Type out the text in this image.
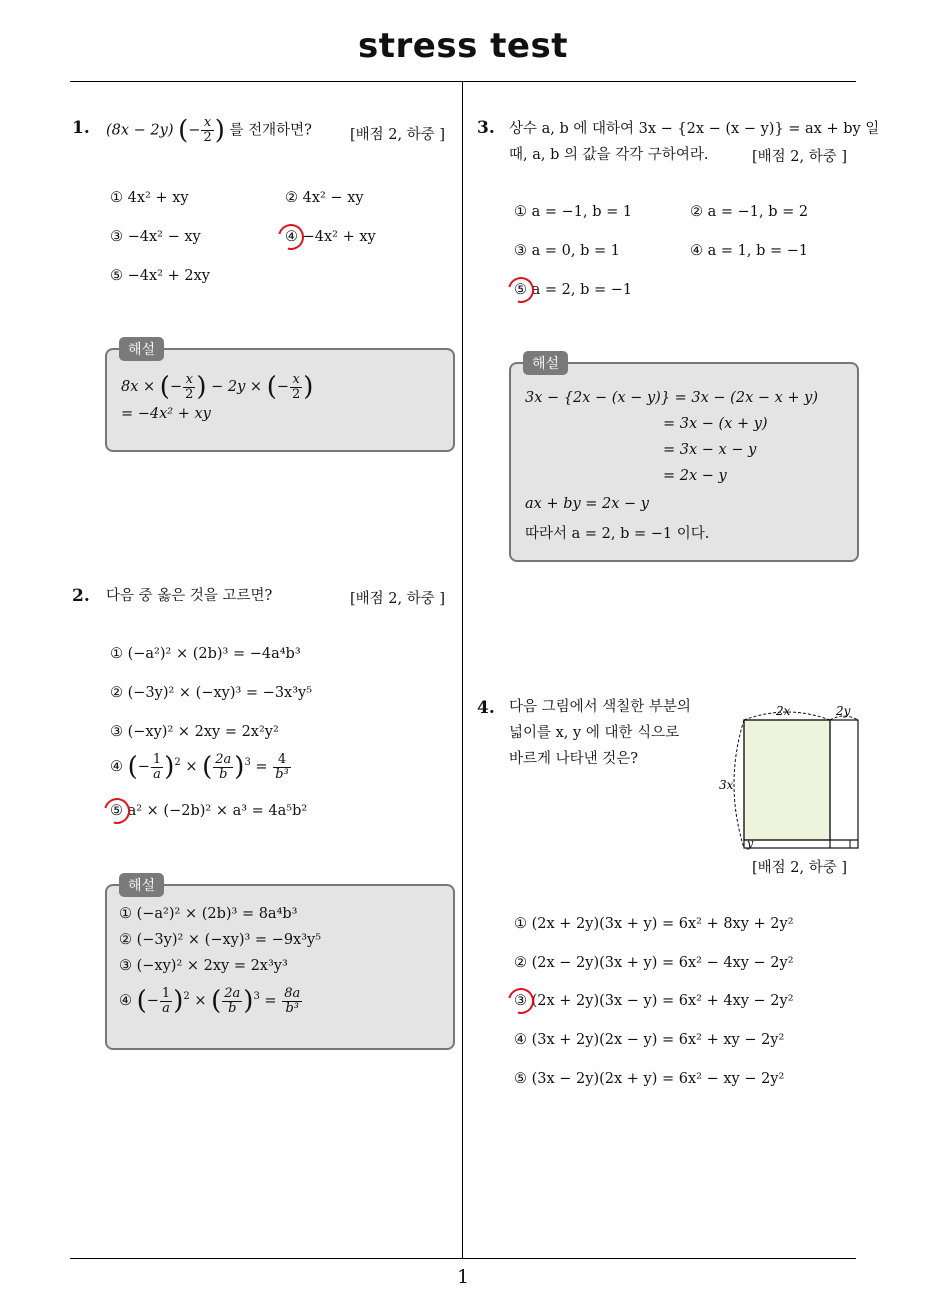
stress test
1
1. (8x − 2y) (− $\frac{x}{2}$ ) 를 전개하면?	[배점 2, 하중 ]
① 4x² + xy	② 4x² − xy
③ −4x² − xy	④ −4x² + xy
⑤ −4x² + 2xy
8x × (− $\frac{x}{2}$ ) − 2y × (− $\frac{x}{2}$ )
= −4x² + xy
해설
2. 다음 중 옳은 것을 고르면?	[배점 2, 하중 ]
① (−a²)² × (2b)³ = −4a⁴b³
② (−3y)² × (−xy)³ = −3x³y⁵
③ (−xy)² × 2xy = 2x²y²
④ (− $\frac{1}{a} )^2$ × ( $\frac{2a}{b} )^3 = \frac{4}{\text{b³}}$
⑤ a² × (−2b)² × a³ = 4a⁵b²
① (−a²)² × (2b)³ = 8a⁴b³
② (−3y)² × (−xy)³ = −9x³y⁵
③ (−xy)² × 2xy = 2x³y³
④ (− $\frac{1}{a} )^2$ × ( $\frac{2a}{b} )^3 = \frac{8a}{\text{b³}}$
해설
3. 상수 a, b 에 대하여 3x − {2x − (x − y)} = ax + by 일
때, a, b 의 값을 각각 구하여라.	[배점 2, 하중 ]
① a = −1, b = 1	② a = −1, b = 2
③ a = 0, b = 1	④ a = 1, b = −1
⑤ a = 2, b = −1
3x − {2x − (x − y)} = 3x − (2x − x + y)
= 3x − (x + y)
= 3x − x − y
= 2x − y
ax + by = 2x − y
따라서 a = 2, b = −1 이다.
해설
4. 다음 그림에서 색칠한 부분의
넓이를 x, y 에 대한 식으로
바르게 나타낸 것은?
2x	2y
3x
y
[배점 2, 하중 ]
① (2x + 2y)(3x + y) = 6x² + 8xy + 2y²
② (2x − 2y)(3x + y) = 6x² − 4xy − 2y²
③ (2x + 2y)(3x − y) = 6x² + 4xy − 2y²
④ (3x + 2y)(2x − y) = 6x² + xy − 2y²
⑤ (3x − 2y)(2x + y) = 6x² − xy − 2y²
